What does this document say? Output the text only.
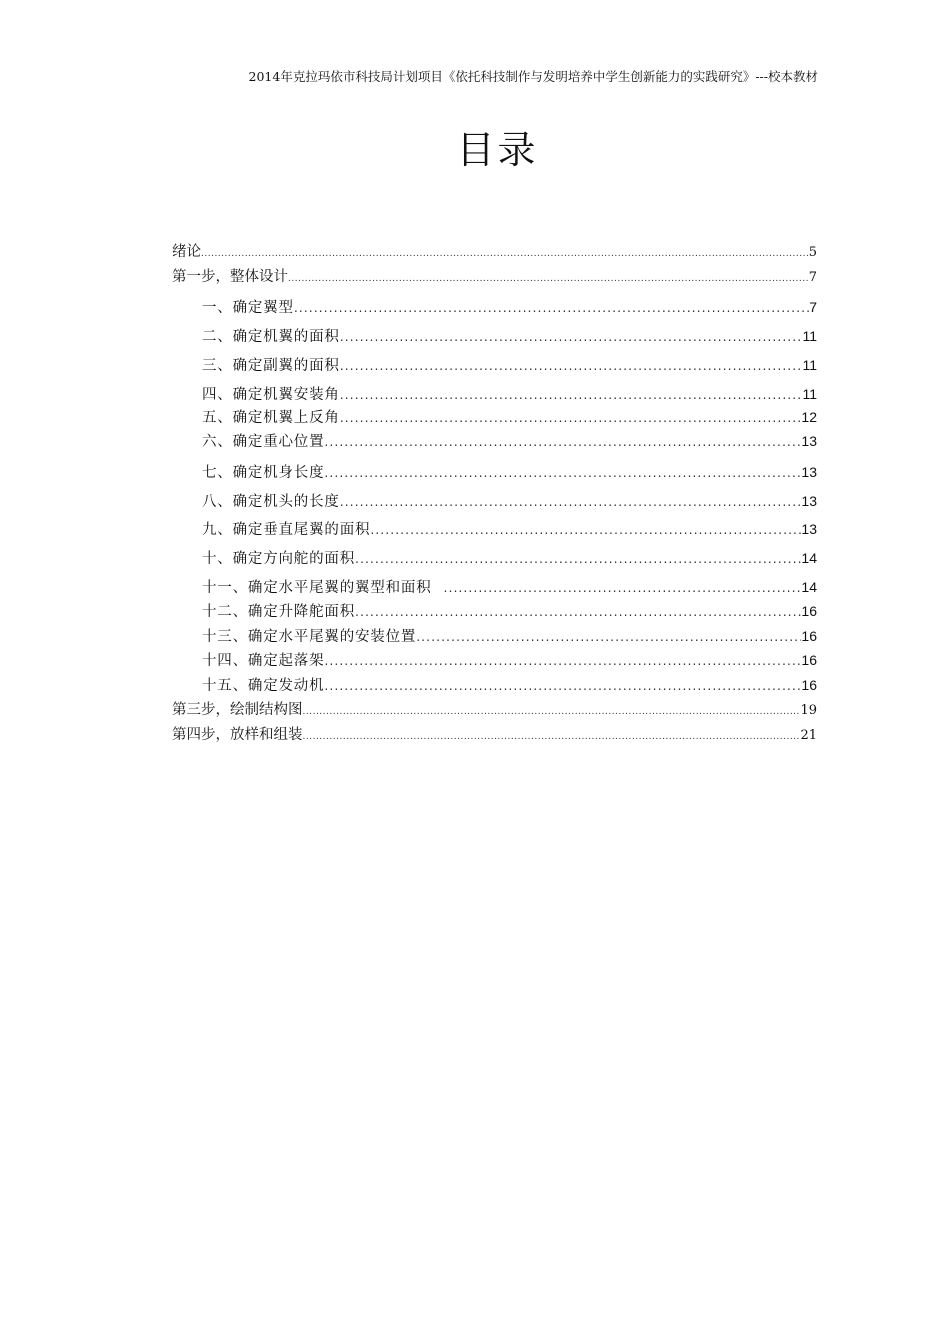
2014年克拉玛依市科技局计划项目《依托科技制作与发明培养中学生创新能力的实践研究》---校本教材
目录
绪论 .....	5
第一步，整体设计 .....	7
一、确定翼型 .....	7
二、确定机翼的面积 .....	11
三、确定副翼的面积 .....	11
四、确定机翼安装角 .....	11
五、确定机翼上反角 .....	12
六、确定重心位置 .....	13
七、确定机身长度 .....	13
八、确定机头的长度 .....	13
九、确定垂直尾翼的面积 .....	13
十、确定方向舵的面积 .....	14
十一、确定水平尾翼的翼型和面积 .....	14
十二、确定升降舵面积 .....	16
十三、确定水平尾翼的安装位置 .....	16
十四、确定起落架 .....	16
十五、确定发动机 .....	16
第三步，绘制结构图 .....	19
第四步，放样和组装 .....	21
